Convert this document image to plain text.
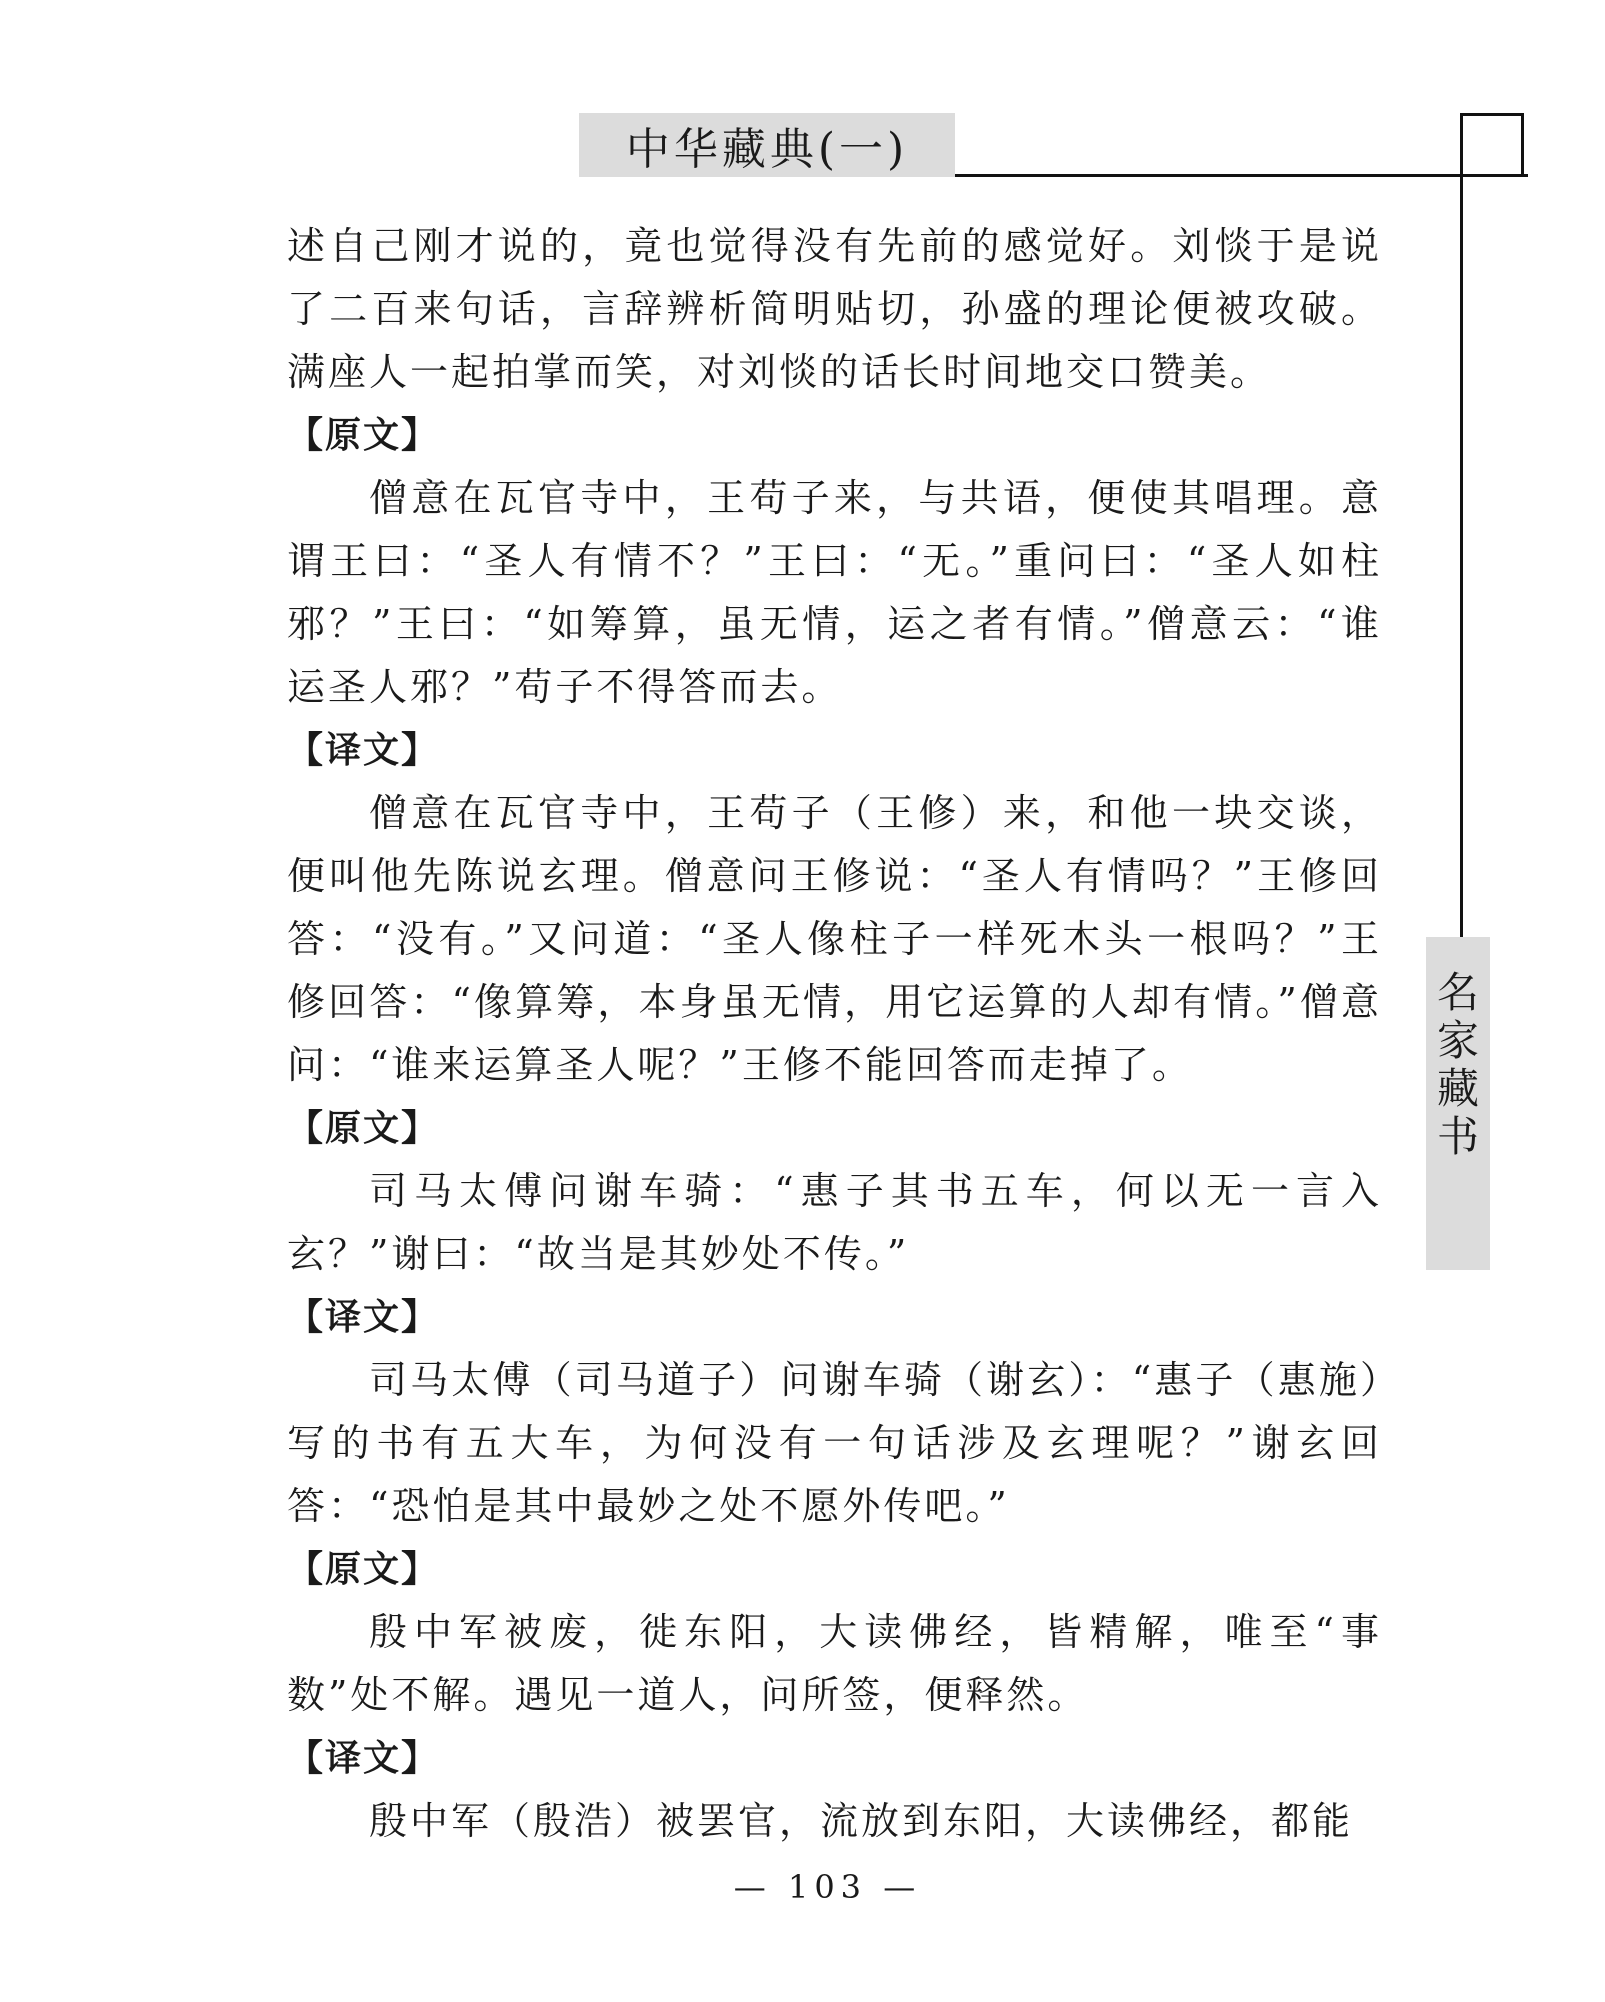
中华藏典(一)
名
家
藏
书

述自己刚才说的，竟也觉得没有先前的感觉好。刘惔于是说了二百来句话，言辞辨析简明贴切，孙盛的理论便被攻破。满座人一起拍掌而笑，对刘惔的话长时间地交口赞美。

【原文】

僧意在瓦官寺中，王苟子来，与共语，便使其唱理。意谓王曰：“圣人有情不？”王曰：“无。”重问曰：“圣人如柱邪？”王曰：“如筹算，虽无情，运之者有情。”僧意云：“谁运圣人邪？”苟子不得答而去。

【译文】

僧意在瓦官寺中，王苟子（王修）来，和他一块交谈，便叫他先陈说玄理。僧意问王修说：“圣人有情吗？”王修回答：“没有。”又问道：“圣人像柱子一样死木头一根吗？”王修回答：“像算筹，本身虽无情，用它运算的人却有情。”僧意问：“谁来运算圣人呢？”王修不能回答而走掉了。

【原文】

司马太傅问谢车骑：“惠子其书五车，何以无一言入玄？”谢曰：“故当是其妙处不传。”

【译文】

司马太傅（司马道子）问谢车骑（谢玄）：“惠子（惠施）写的书有五大车，为何没有一句话涉及玄理呢？”谢玄回答：“恐怕是其中最妙之处不愿外传吧。”

【原文】

殷中军被废，徙东阳，大读佛经，皆精解，唯至“事数”处不解。遇见一道人，问所签，便释然。

【译文】

殷中军（殷浩）被罢官，流放到东阳，大读佛经，都能

— 103 —
